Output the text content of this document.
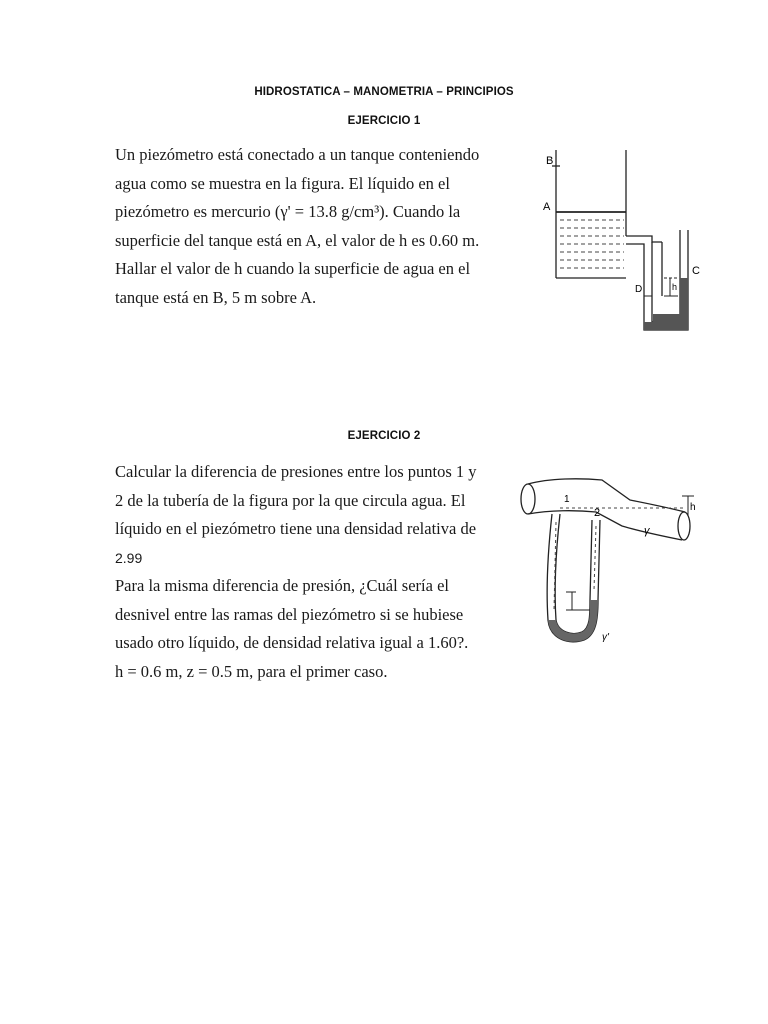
HIDROSTATICA – MANOMETRIA – PRINCIPIOS
EJERCICIO 1
Un piezómetro está conectado a un tanque conteniendo
agua como se muestra en la figura. El líquido en el
piezómetro es mercurio (γ' = 13.8 g/cm³). Cuando la
superficie del tanque está en A, el valor de h es 0.60 m.
Hallar el valor de h cuando la superficie de agua en el
tanque está en B, 5 m sobre A.
B
A
C
D	h
EJERCICIO 2
Calcular la diferencia de presiones entre los puntos 1 y
2 de la tubería de la figura por la que circula agua. El
líquido en el piezómetro tiene una densidad relativa de
2.99
Para la misma diferencia de presión, ¿Cuál sería el
desnivel entre las ramas del piezómetro si se hubiese
usado otro líquido, de densidad relativa igual a 1.60?.
h = 0.6 m, z = 0.5 m, para el primer caso.
1
2
γ
γ'
h
